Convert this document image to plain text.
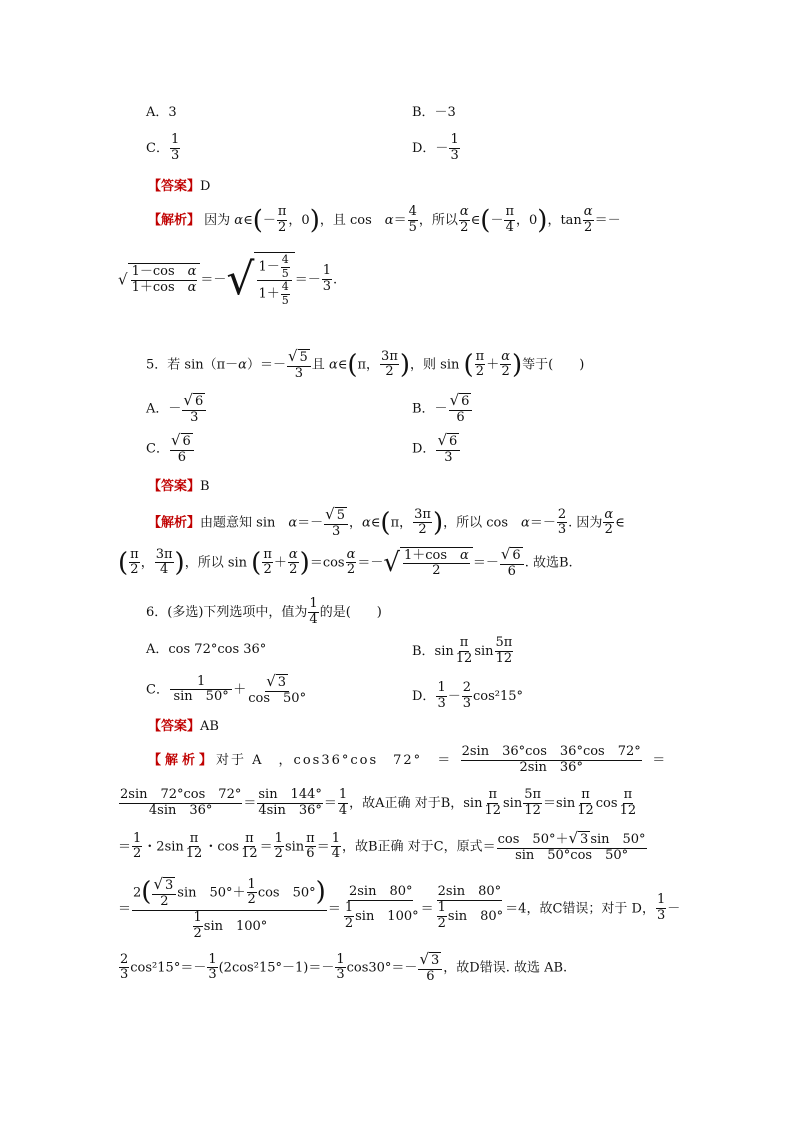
A．3	B．－3
C． $\frac{1}{3}$	D．－ $\frac{1}{3}$
【答案】D
【解析】 因为 α∈(－ $\frac{\pi}{2}$ ，0)，且 cos　$\alpha= \frac{4}{5}$ ，所以 $\frac{\alpha}{2}$ ∈(－ $\frac{\pi}{4}$ ，0)，$\tan \frac{\alpha}{2}$ ＝－
√ $\frac{\text{1－cos　α}}{\text{1＋cos　α}}$ ＝－√ $\frac{1- \frac{4}{5}}{1+ \frac{4}{5}} =- \frac{1}{3}$ .
5．若 $\sin(\pi-\alpha)=- \frac{√ 5}{3}$ 且 α∈(π， $\frac{3\pi}{2}$ )，则 sin ( $\frac{\pi}{2} + \frac{\alpha}{2}$ )等于(　　)
A．－ $\frac{√ 6}{3}$	B．－ $\frac{√ 6}{6}$
C． $\frac{√ 6}{6}$	D． $\frac{√ 6}{3}$
【答案】B
【解析】由题意知 sin　$\alpha=- \frac{√ 5}{3}$ ，α∈(π， $\frac{3\pi}{2}$ )，所以 cos　$\alpha=- \frac{2}{3}$ . 因为 $\frac{\alpha}{2}$ ∈
( $\frac{\pi}{2}$ ， $\frac{3\pi}{4}$ )，所以 sin ( $\frac{\pi}{2} + \frac{\alpha}{2} )=\cos \frac{\alpha}{2}$ ＝－√ $\frac{\text{1＋cos　α}}{2} =- \frac{√ 6}{6}$ . 故选B.
6．(多选)下列选项中，值为 $\frac{1}{4}$ 的是(　　)
A．cos 72°cos 36°	B．$\sin \frac{\pi}{12}$ $\sin \frac{5\pi}{12}$
C． 　　$\frac{1}{\sin 50^\circ} + \frac{√ 3}{\cos 50^\circ}$	D． $\frac{1}{3} - \frac{2}{3} \cos^215^\circ$
【答案】AB
【解析】对于 A　，cos36°cos　72°　＝ $\frac{2\sin 36^\circ\cos 36^\circ\cos 72^\circ}{2\sin 36^\circ}$ ＝
$\frac{2\sin 72^\circ\cos 72^\circ}{4\sin 36^\circ} = \frac{\sin 144^\circ}{4\sin 36^\circ} = \frac{1}{4}$ ，故A正确 对于B，$\sin \frac{\pi}{12}$ $\sin \frac{5\pi}{12} =\sin \frac{\pi}{12}$ $\cos \frac{\pi}{12}$
＝ $\frac{1}{2}$ ・$2\sin \frac{\pi}{12}$ ・$\cos \frac{\pi}{12} = \frac{1}{2}$ $\sin \frac{\pi}{6} = \frac{1}{4}$ ，故B正确 对于C，原式＝ $\frac{\cos 50^\circ+√ 3 \sin 50^\circ}{\sin 50^\circ\cos 50^\circ}$
＝ $\frac{2( \frac{√ 3}{2} \sin 50^\circ+ \frac{1}{2} \cos 50^\circ)}{\frac{1}{2} \sin 100^\circ} = \frac{2\sin 80^\circ}{\frac{1}{2} \sin 100^\circ} = \frac{2\sin 80^\circ}{\frac{1}{2} \sin 80^\circ} =4$，故C错误；对于 D， $\frac{1}{3}$ －
$\frac{2}{3} \cos^215^\circ=- \frac{1}{3} (2\cos^215^\circ-1)=- \frac{1}{3} \cos 30^\circ=- \frac{√ 3}{6}$ ，故D错误. 故选 AB.
